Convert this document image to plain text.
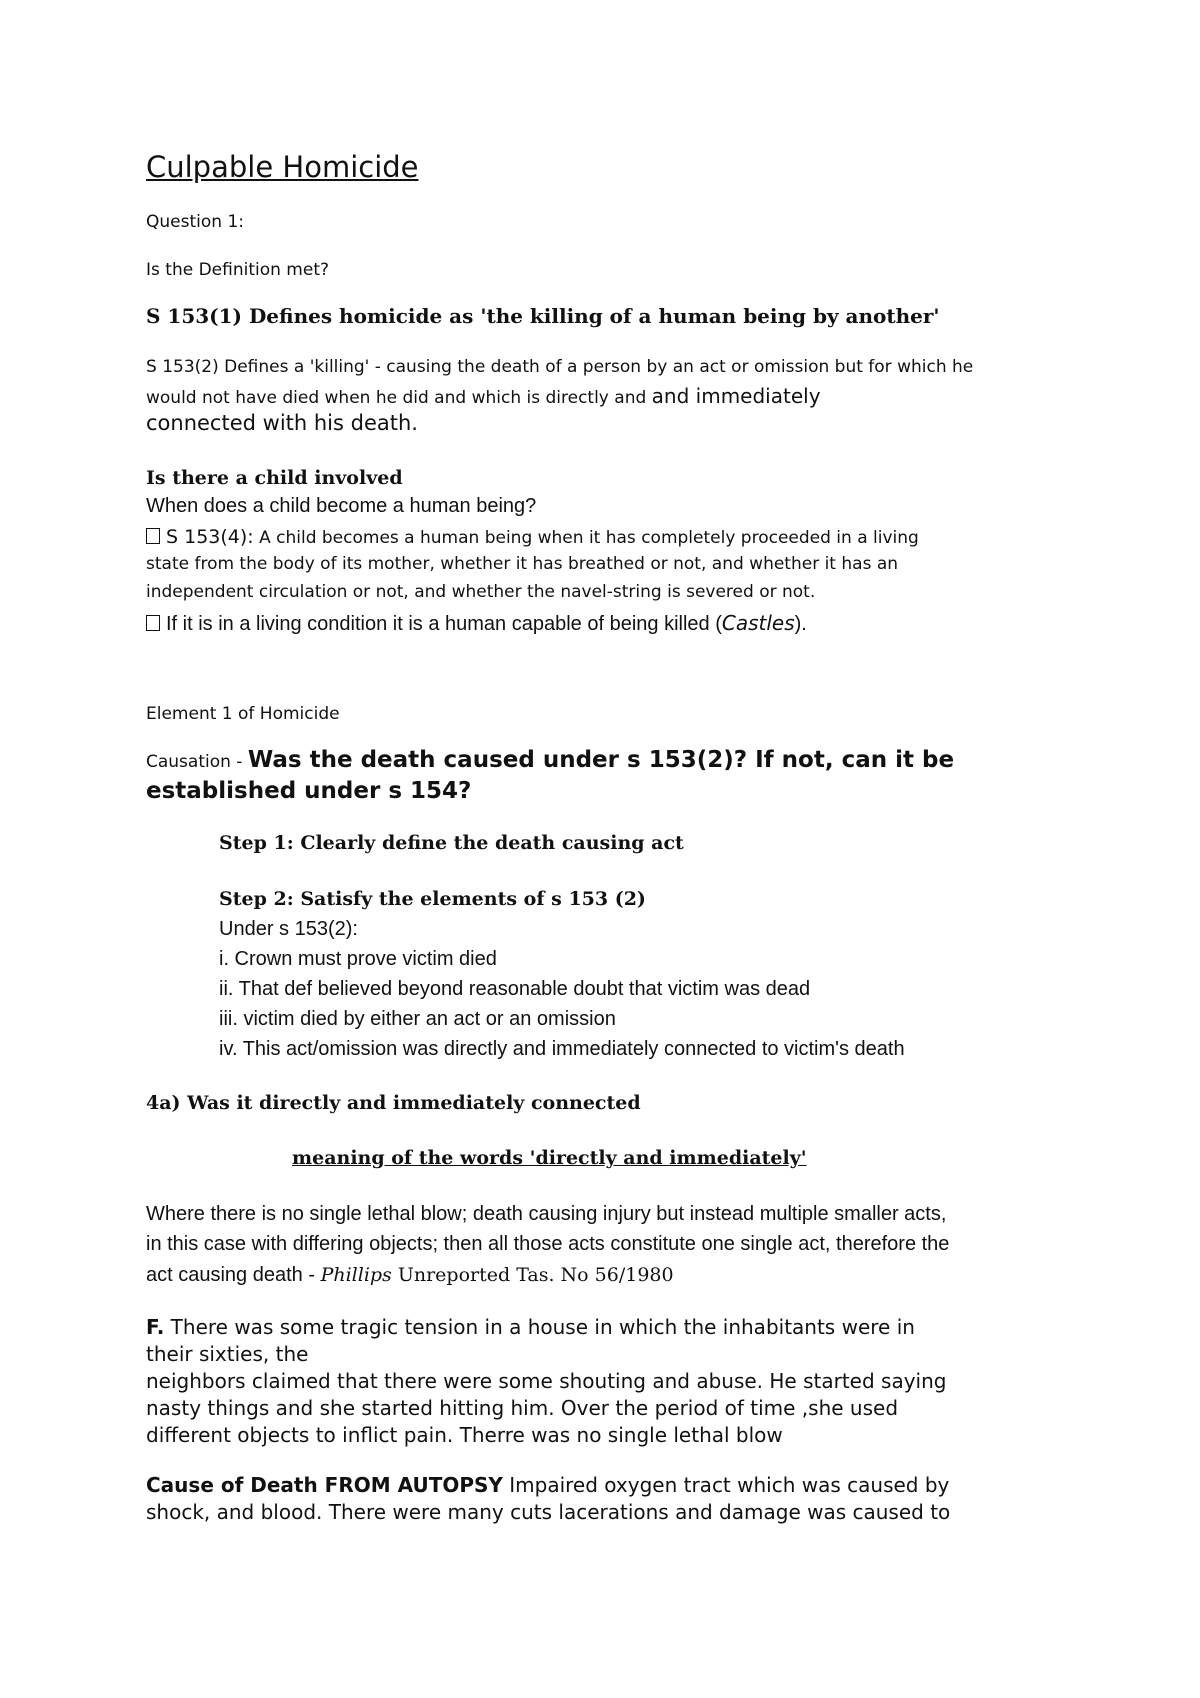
Culpable Homicide
Question 1:
Is the Definition met?
S 153(1) Defines homicide as 'the killing of a human being by another'
S 153(2) Defines a 'killing' - causing the death of a person by an act or omission but for which he
would not have died when he did and which is directly and and immediately
connected with his death.
Is there a child involved
When does a child become a human being?
S 153(4): A child becomes a human being when it has completely proceeded in a living
state from the body of its mother, whether it has breathed or not, and whether it has an
independent circulation or not, and whether the navel-string is severed or not.
If it is in a living condition it is a human capable of being killed (Castles).
Element 1 of Homicide
Causation - Was the death caused under s 153(2)? If not, can it be
established under s 154?
Step 1: Clearly define the death causing act
Step 2: Satisfy the elements of s 153 (2)
Under s 153(2):
i. Crown must prove victim died
ii. That def believed beyond reasonable doubt that victim was dead
iii. victim died by either an act or an omission
iv. This act/omission was directly and immediately connected to victim's death
4a) Was it directly and immediately connected
meaning of the words 'directly and immediately'
Where there is no single lethal blow; death causing injury but instead multiple smaller acts,
in this case with differing objects; then all those acts constitute one single act, therefore the
act causing death - Phillips Unreported Tas. No 56/1980
F. There was some tragic tension in a house in which the inhabitants were in
their sixties, the
neighbors claimed that there were some shouting and abuse. He started saying
nasty things and she started hitting him. Over the period of time ,she used
different objects to inflict pain. Therre was no single lethal blow
Cause of Death FROM AUTOPSY Impaired oxygen tract which was caused by
shock, and blood. There were many cuts lacerations and damage was caused to
